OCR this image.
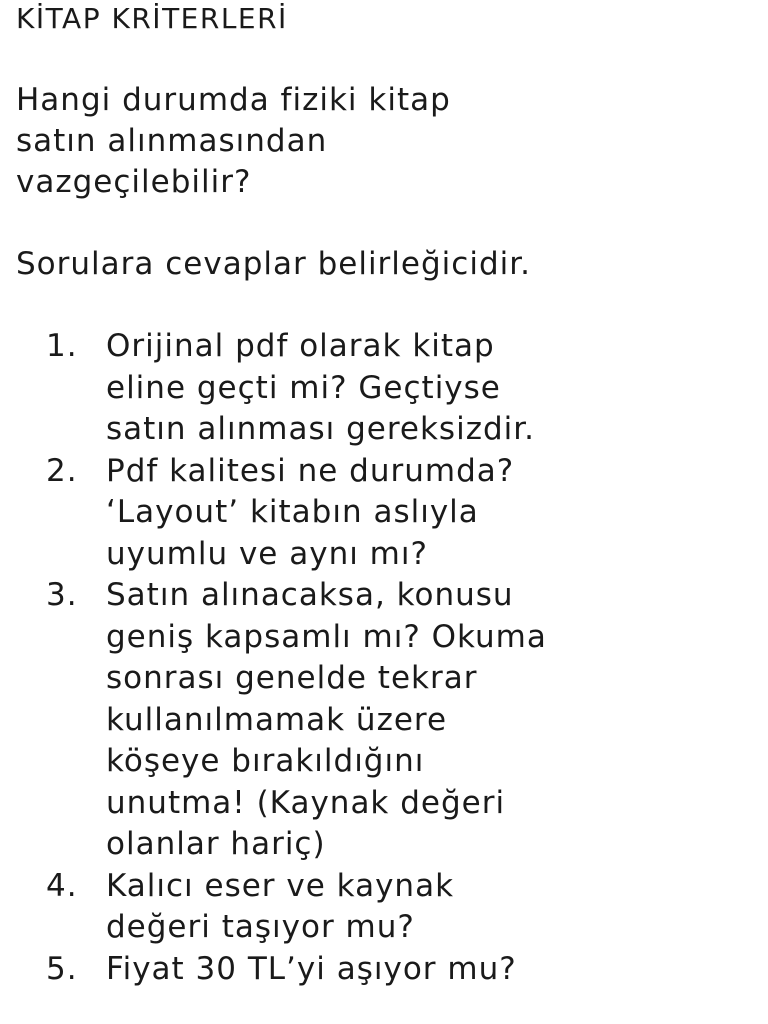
KİTAP KRİTERLERİ

Hangi durumda fiziki kitap
satın alınmasından
vazgeçilebilir?

Sorulara cevaplar belirleğicidir.

1. Orijinal pdf olarak kitap
eline geçti mi? Geçtiyse
satın alınması gereksizdir.
2. Pdf kalitesi ne durumda?
‘Layout’ kitabın aslıyla
uyumlu ve aynı mı?
3. Satın alınacaksa, konusu
geniş kapsamlı mı? Okuma
sonrası genelde tekrar
kullanılmamak üzere
köşeye bırakıldığını
unutma! (Kaynak değeri
olanlar hariç)
4. Kalıcı eser ve kaynak
değeri taşıyor mu?
5. Fiyat 30 TL’yi aşıyor mu?
